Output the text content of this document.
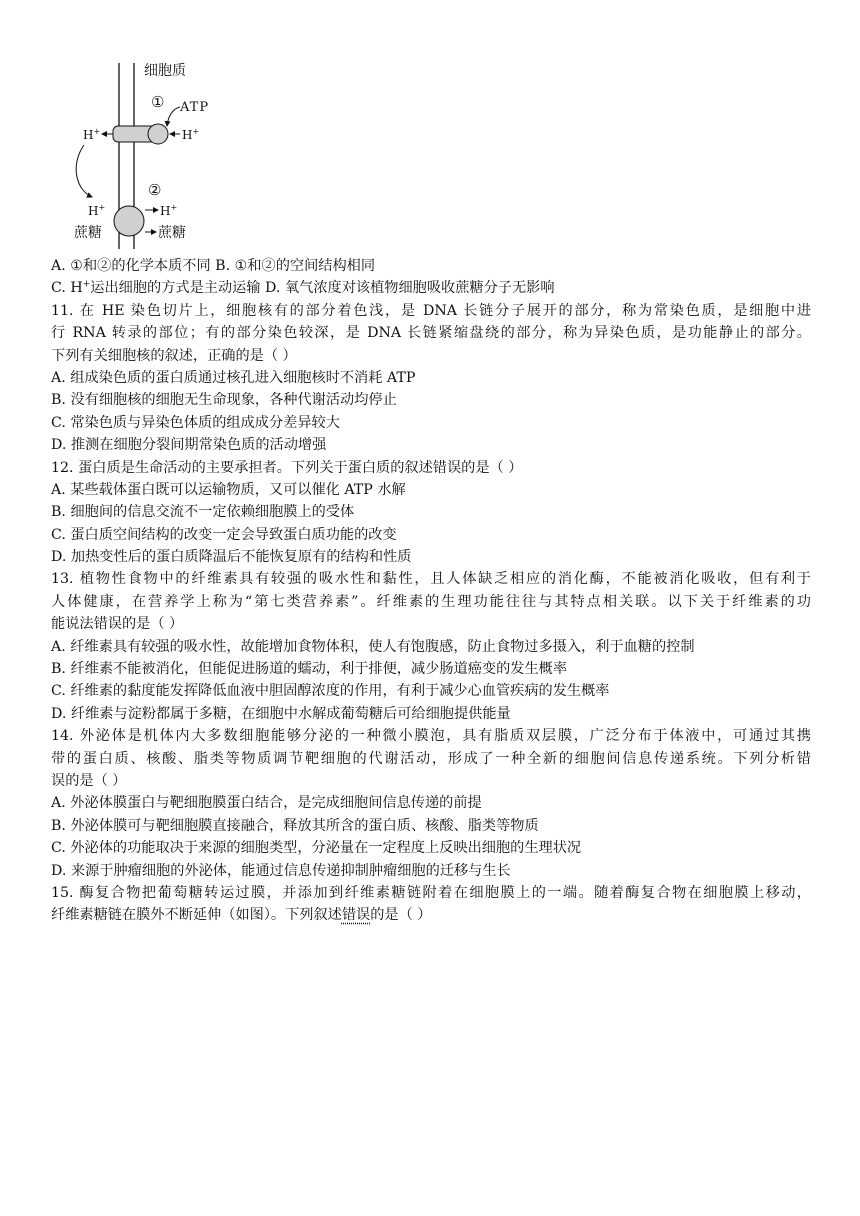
细胞质
① ATP
H+	H+
②
H+	H+
蔗糖	蔗糖
A. ①和②的化学本质不同 B. ①和②的空间结构相同
C. H+运出细胞的方式是主动运输 D. 氧气浓度对该植物细胞吸收蔗糖分子无影响
11. 在 HE 染色切片上，细胞核有的部分着色浅，是 DNA 长链分子展开的部分，称为常染色质，是细胞中进
行 RNA 转录的部位；有的部分染色较深，是 DNA 长链紧缩盘绕的部分，称为异染色质，是功能静止的部分。
下列有关细胞核的叙述，正确的是（ ）
A. 组成染色质的蛋白质通过核孔进入细胞核时不消耗 ATP
B. 没有细胞核的细胞无生命现象，各种代谢活动均停止
C. 常染色质与异染色体质的组成成分差异较大
D. 推测在细胞分裂间期常染色质的活动增强
12. 蛋白质是生命活动的主要承担者。下列关于蛋白质的叙述错误的是（ ）
A. 某些载体蛋白既可以运输物质，又可以催化 ATP 水解
B. 细胞间的信息交流不一定依赖细胞膜上的受体
C. 蛋白质空间结构的改变一定会导致蛋白质功能的改变
D. 加热变性后的蛋白质降温后不能恢复原有的结构和性质
13. 植物性食物中的纤维素具有较强的吸水性和黏性，且人体缺乏相应的消化酶，不能被消化吸收，但有利于
人体健康，在营养学上称为“第七类营养素”。纤维素的生理功能往往与其特点相关联。以下关于纤维素的功
能说法错误的是（ ）
A. 纤维素具有较强的吸水性，故能增加食物体积，使人有饱腹感，防止食物过多摄入，利于血糖的控制
B. 纤维素不能被消化，但能促进肠道的蠕动，利于排便，减少肠道癌变的发生概率
C. 纤维素的黏度能发挥降低血液中胆固醇浓度的作用，有利于减少心血管疾病的发生概率
D. 纤维素与淀粉都属于多糖，在细胞中水解成葡萄糖后可给细胞提供能量
14. 外泌体是机体内大多数细胞能够分泌的一种微小膜泡，具有脂质双层膜，广泛分布于体液中，可通过其携
带的蛋白质、核酸、脂类等物质调节靶细胞的代谢活动，形成了一种全新的细胞间信息传递系统。下列分析错
误的是（ ）
A. 外泌体膜蛋白与靶细胞膜蛋白结合，是完成细胞间信息传递的前提
B. 外泌体膜可与靶细胞膜直接融合，释放其所含的蛋白质、核酸、脂类等物质
C. 外泌体的功能取决于来源的细胞类型，分泌量在一定程度上反映出细胞的生理状况
D. 来源于肿瘤细胞的外泌体，能通过信息传递抑制肿瘤细胞的迁移与生长
15. 酶复合物把葡萄糖转运过膜，并添加到纤维素糖链附着在细胞膜上的一端。随着酶复合物在细胞膜上移动，
纤维素糖链在膜外不断延伸（如图）。下列叙述错误的是（ ）
